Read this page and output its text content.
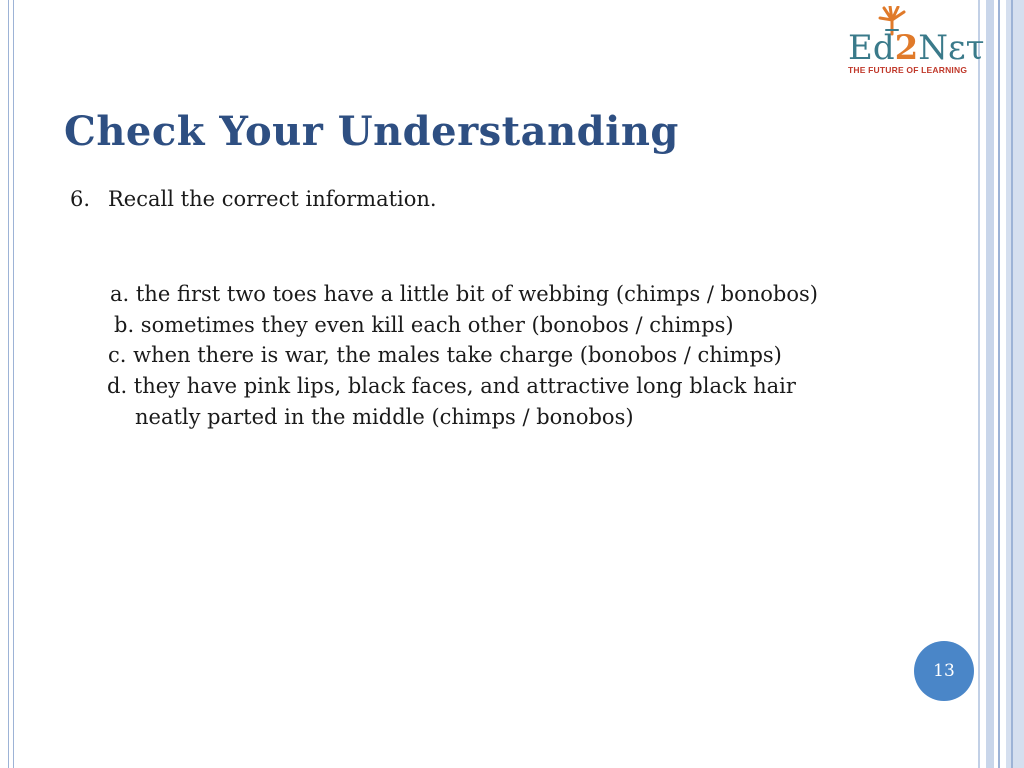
Ed2Nετ
THE FUTURE OF LEARNING
Check Your Understanding
6. Recall the correct information.
a. the first two toes have a little bit of webbing (chimps / bonobos)
b. sometimes they even kill each other (bonobos / chimps)
c. when there is war, the males take charge (bonobos / chimps)
d. they have pink lips, black faces, and attractive long black hair
neatly parted in the middle (chimps / bonobos)
13
